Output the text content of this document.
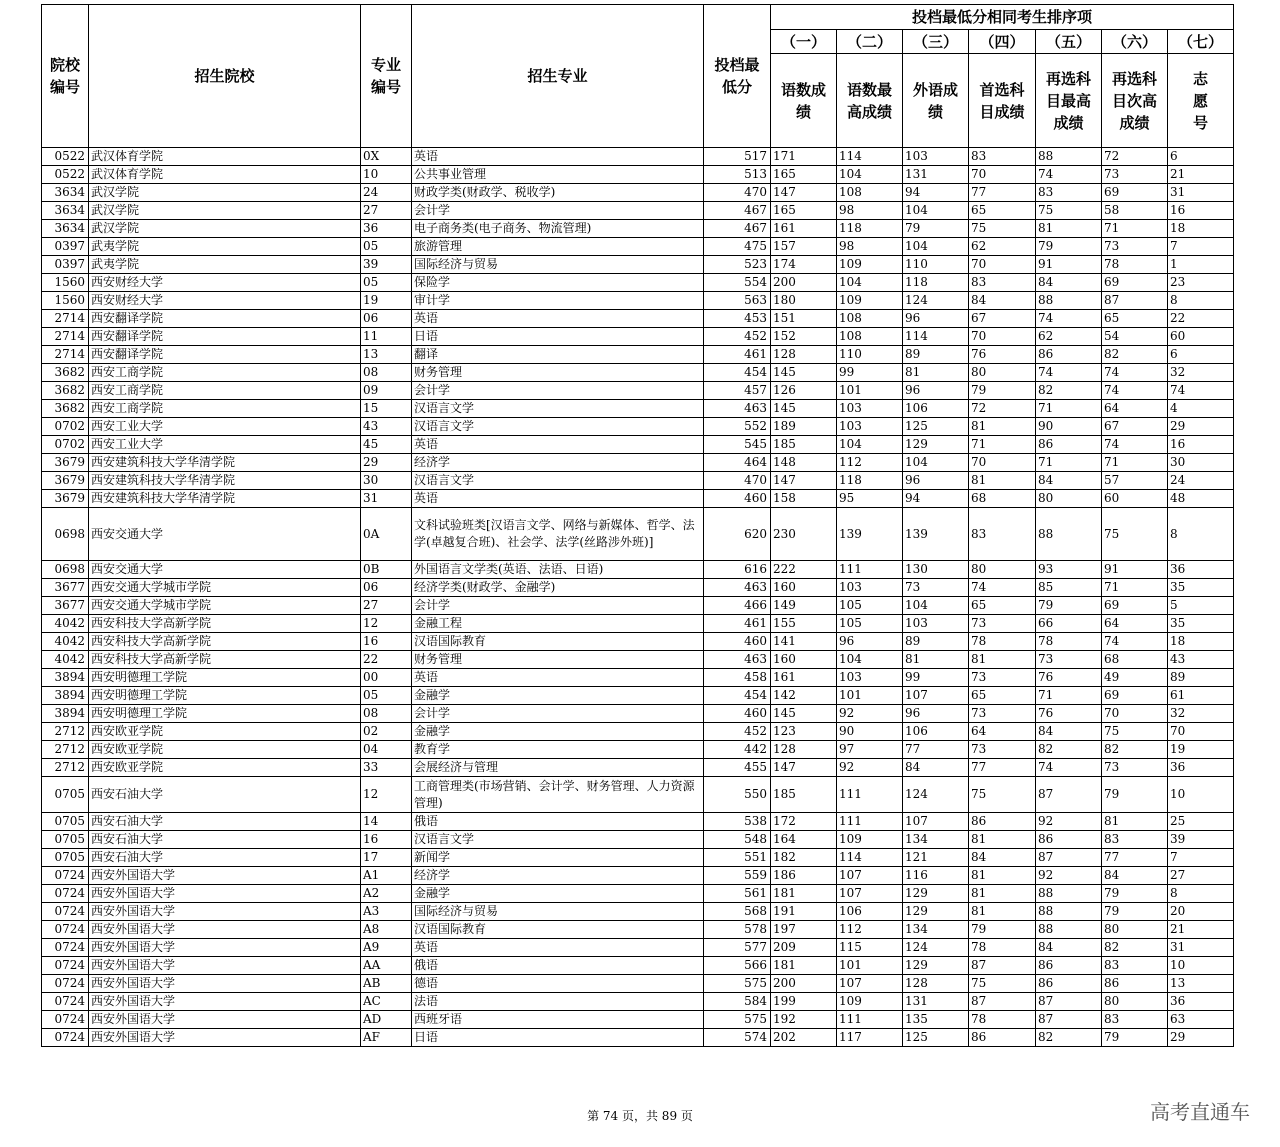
院校编号	招生院校	专业编号	招生专业	投档最低分	投档最低分相同考生排序项						
					（一）	（二）	（三）	（四）	（五）	（六）	（七）
					语数成绩	语数最高成绩	外语成绩	首选科目成绩	再选科目最高成绩	再选科目次高成绩	志愿号
0522	武汉体育学院	0X	英语	517	171	114	103	83	88	72	6
0522	武汉体育学院	10	公共事业管理	513	165	104	131	70	74	73	21
3634	武汉学院	24	财政学类(财政学、税收学)	470	147	108	94	77	83	69	31
3634	武汉学院	27	会计学	467	165	98	104	65	75	58	16
3634	武汉学院	36	电子商务类(电子商务、物流管理)	467	161	118	79	75	81	71	18
0397	武夷学院	05	旅游管理	475	157	98	104	62	79	73	7
0397	武夷学院	39	国际经济与贸易	523	174	109	110	70	91	78	1
1560	西安财经大学	05	保险学	554	200	104	118	83	84	69	23
1560	西安财经大学	19	审计学	563	180	109	124	84	88	87	8
2714	西安翻译学院	06	英语	453	151	108	96	67	74	65	22
2714	西安翻译学院	11	日语	452	152	108	114	70	62	54	60
2714	西安翻译学院	13	翻译	461	128	110	89	76	86	82	6
3682	西安工商学院	08	财务管理	454	145	99	81	80	74	74	32
3682	西安工商学院	09	会计学	457	126	101	96	79	82	74	74
3682	西安工商学院	15	汉语言文学	463	145	103	106	72	71	64	4
0702	西安工业大学	43	汉语言文学	552	189	103	125	81	90	67	29
0702	西安工业大学	45	英语	545	185	104	129	71	86	74	16
3679	西安建筑科技大学华清学院	29	经济学	464	148	112	104	70	71	71	30
3679	西安建筑科技大学华清学院	30	汉语言文学	470	147	118	96	81	84	57	24
3679	西安建筑科技大学华清学院	31	英语	460	158	95	94	68	80	60	48
0698	西安交通大学	0A	文科试验班类[汉语言文学、网络与新媒体、哲学、法学(卓越复合班)、社会学、法学(丝路涉外班)]	620	230	139	139	83	88	75	8
0698	西安交通大学	0B	外国语言文学类(英语、法语、日语)	616	222	111	130	80	93	91	36
3677	西安交通大学城市学院	06	经济学类(财政学、金融学)	463	160	103	73	74	85	71	35
3677	西安交通大学城市学院	27	会计学	466	149	105	104	65	79	69	5
4042	西安科技大学高新学院	12	金融工程	461	155	105	103	73	66	64	35
4042	西安科技大学高新学院	16	汉语国际教育	460	141	96	89	78	78	74	18
4042	西安科技大学高新学院	22	财务管理	463	160	104	81	81	73	68	43
3894	西安明德理工学院	00	英语	458	161	103	99	73	76	49	89
3894	西安明德理工学院	05	金融学	454	142	101	107	65	71	69	61
3894	西安明德理工学院	08	会计学	460	145	92	96	73	76	70	32
2712	西安欧亚学院	02	金融学	452	123	90	106	64	84	75	70
2712	西安欧亚学院	04	教育学	442	128	97	77	73	82	82	19
2712	西安欧亚学院	33	会展经济与管理	455	147	92	84	77	74	73	36
0705	西安石油大学	12	工商管理类(市场营销、会计学、财务管理、人力资源管理)	550	185	111	124	75	87	79	10
0705	西安石油大学	14	俄语	538	172	111	107	86	92	81	25
0705	西安石油大学	16	汉语言文学	548	164	109	134	81	86	83	39
0705	西安石油大学	17	新闻学	551	182	114	121	84	87	77	7
0724	西安外国语大学	A1	经济学	559	186	107	116	81	92	84	27
0724	西安外国语大学	A2	金融学	561	181	107	129	81	88	79	8
0724	西安外国语大学	A3	国际经济与贸易	568	191	106	129	81	88	79	20
0724	西安外国语大学	A8	汉语国际教育	578	197	112	134	79	88	80	21
0724	西安外国语大学	A9	英语	577	209	115	124	78	84	82	31
0724	西安外国语大学	AA	俄语	566	181	101	129	87	86	83	10
0724	西安外国语大学	AB	德语	575	200	107	128	75	86	86	13
0724	西安外国语大学	AC	法语	584	199	109	131	87	87	80	36
0724	西安外国语大学	AD	西班牙语	575	192	111	135	78	87	83	63
0724	西安外国语大学	AF	日语	574	202	117	125	86	82	79	29
第 74 页，共 89 页	高考直通车
